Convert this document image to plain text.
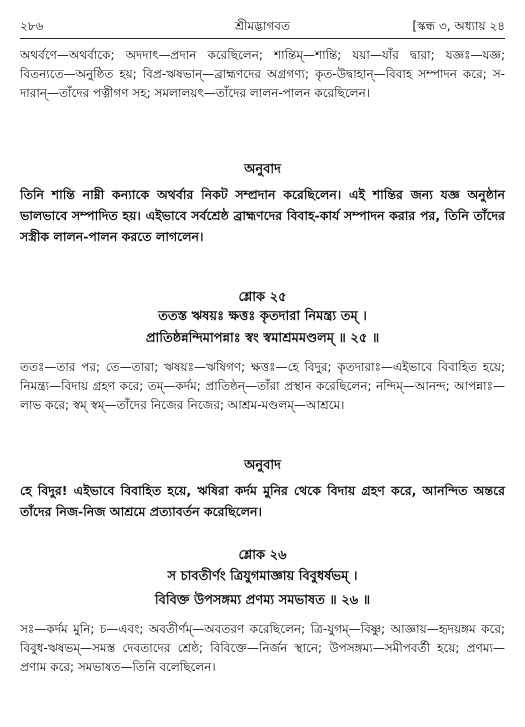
২৮৬	শ্রীমদ্ভাগবত	[স্কন্ধ ৩, অধ্যায় ২৪
অথর্বণে—অথর্বাকে; অদদাৎ—প্রদান করেছিলেন; শান্তিম্—শান্তি; যয়া—যাঁর দ্বারা; যজ্ঞঃ—যজ্ঞ; বিতন্যতে—অনুষ্ঠিত হয়; বিপ্র-ঋষভান্—ব্রাহ্মণদের অগ্রগণ্য; কৃত-উদ্বাহান্—বিবাহ সম্পাদন করে; স-দারান্—তাঁদের পত্নীগণ সহ; সমলালয়ৎ—তাঁদের লালন-পালন করেছিলেন।
অনুবাদ
তিনি শান্তি নাম্নী কন্যাকে অথর্বার নিকট সম্প্রদান করেছিলেন। এই শান্তির জন্য যজ্ঞ অনুষ্ঠান ভালভাবে সম্পাদিত হয়। এইভাবে সর্বশ্রেষ্ঠ ব্রাহ্মণদের বিবাহ-কার্য সম্পাদন করার পর, তিনি তাঁদের সস্ত্রীক লালন-পালন করতে লাগলেন।
শ্লোক ২৫
ততস্ত ঋষয়ঃ ক্ষত্তঃ কৃতদারা নিমন্ত্র্য তম্ ।
প্রাতিষ্ঠন্নন্দিমাপন্নাঃ স্বং স্বমাশ্রমমণ্ডলম্ ॥ ২৫ ॥
ততঃ—তার পর; তে—তারা; ঋষয়ঃ—ঋষিগণ; ক্ষত্তঃ—হে বিদুর; কৃতদারাঃ—এইভাবে বিবাহিত হয়ে; নিমন্ত্র্য—বিদায় গ্রহণ করে; তম্—কর্দম; প্রাতিষ্ঠন্—তাঁরা প্রস্থান করেছিলেন; নন্দিম্—আনন্দ; আপন্নাঃ—লাভ করে; স্বম্ স্বম্—তাঁদের নিজের নিজের; আশ্রম-মণ্ডলম্—আশ্রমে।
অনুবাদ
হে বিদুর! এইভাবে বিবাহিত হয়ে, ঋষিরা কর্দম মুনির থেকে বিদায় গ্রহণ করে, আনন্দিত অন্তরে তাঁদের নিজ-নিজ আশ্রমে প্রত্যাবর্তন করেছিলেন।
শ্লোক ২৬
স চাবতীর্ণং ত্রিযুগমাজ্ঞায় বিবুধর্ষভম্ ।
বিবিক্ত উপসঙ্গম্য প্রণম্য সমভাষত ॥ ২৬ ॥
সঃ—কর্দম মুনি; চ—এবং; অবতীর্ণম্—অবতরণ করেছিলেন; ত্রি-যুগম্—বিষ্ণু; আজ্ঞায়—হৃদয়ঙ্গম করে; বিবুধ-ঋষভম্—সমস্ত দেবতাদের শ্রেষ্ঠ; বিবিক্তে—নির্জন স্থানে; উপসঙ্গম্য—সমীপবর্তী হয়ে; প্রণম্য—প্রণাম করে; সমভাষত—তিনি বলেছিলেন।
